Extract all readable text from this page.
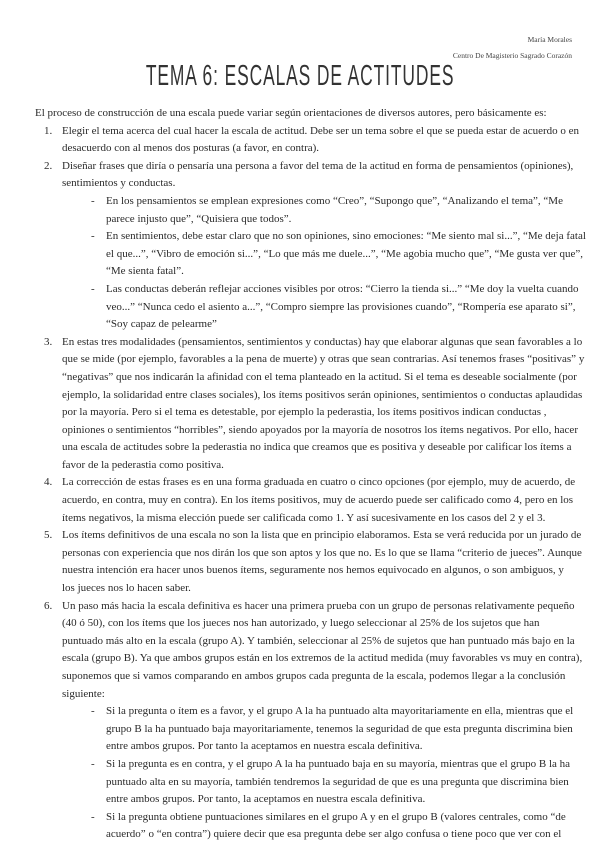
María Morales
Centro De Magisterio Sagrado Corazón
TEMA 6: ESCALAS DE ACTITUDES
El proceso de construcción de una escala puede variar según orientaciones de diversos autores, pero básicamente es:
1. Elegir el tema acerca del cual hacer la escala de actitud. Debe ser un tema sobre el que se pueda estar de acuerdo o en
desacuerdo con al menos dos posturas (a favor, en contra).
2. Diseñar frases que diría o pensaría una persona a favor del tema de la actitud en forma de pensamientos (opiniones),
sentimientos y conductas.
- En los pensamientos se emplean expresiones como “Creo”, “Supongo que”, “Analizando el tema”, “Me
parece injusto que”, “Quisiera que todos”.
- En sentimientos, debe estar claro que no son opiniones, sino emociones: “Me siento mal si...”, “Me deja fatal
el que...”, “Vibro de emoción si...”, “Lo que más me duele...”, “Me agobia mucho que”, “Me gusta ver que”,
“Me sienta fatal”.
- Las conductas deberán reflejar acciones visibles por otros: “Cierro la tienda si...” “Me doy la vuelta cuando
veo...” “Nunca cedo el asiento a...”, “Compro siempre las provisiones cuando”, “Rompería ese aparato si”,
“Soy capaz de pelearme”
3. En estas tres modalidades (pensamientos, sentimientos y conductas) hay que elaborar algunas que sean favorables a lo
que se mide (por ejemplo, favorables a la pena de muerte) y otras que sean contrarias. Así tenemos frases “positivas” y
“negativas” que nos indicarán la afinidad con el tema planteado en la actitud. Si el tema es deseable socialmente (por
ejemplo, la solidaridad entre clases sociales), los ítems positivos serán opiniones, sentimientos o conductas aplaudidas
por la mayoría. Pero si el tema es detestable, por ejemplo la pederastia, los ítems positivos indican conductas ,
opiniones o sentimientos “horribles”, siendo apoyados por la mayoría de nosotros los ítems negativos. Por ello, hacer
una escala de actitudes sobre la pederastia no indica que creamos que es positiva y deseable por calificar los ítems a
favor de la pederastia como positiva.
4. La corrección de estas frases es en una forma graduada en cuatro o cinco opciones (por ejemplo, muy de acuerdo, de
acuerdo, en contra, muy en contra). En los ítems positivos, muy de acuerdo puede ser calificado como 4, pero en los
ítems negativos, la misma elección puede ser calificada como 1. Y así sucesivamente en los casos del 2 y el 3.
5. Los ítems definitivos de una escala no son la lista que en principio elaboramos. Esta se verá reducida por un jurado de
personas con experiencia que nos dirán los que son aptos y los que no. Es lo que se llama “criterio de jueces”. Aunque
nuestra intención era hacer unos buenos ítems, seguramente nos hemos equivocado en algunos, o son ambiguos, y
los jueces nos lo hacen saber.
6. Un paso más hacia la escala definitiva es hacer una primera prueba con un grupo de personas relativamente pequeño
(40 ó 50), con los ítems que los jueces nos han autorizado, y luego seleccionar al 25% de los sujetos que han
puntuado más alto en la escala (grupo A). Y también, seleccionar al 25% de sujetos que han puntuado más bajo en la
escala (grupo B). Ya que ambos grupos están en los extremos de la actitud medida (muy favorables vs muy en contra),
suponemos que si vamos comparando en ambos grupos cada pregunta de la escala, podemos llegar a la conclusión
siguiente:
- Si la pregunta o ítem es a favor, y el grupo A la ha puntuado alta mayoritariamente en ella, mientras que el
grupo B la ha puntuado baja mayoritariamente, tenemos la seguridad de que esta pregunta discrimina bien
entre ambos grupos. Por tanto la aceptamos en nuestra escala definitiva.
- Si la pregunta es en contra, y el grupo A la ha puntuado baja en su mayoría, mientras que el grupo B la ha
puntuado alta en su mayoría, también tendremos la seguridad de que es una pregunta que discrimina bien
entre ambos grupos. Por tanto, la aceptamos en nuestra escala definitiva.
- Si la pregunta obtiene puntuaciones similares en el grupo A y en el grupo B (valores centrales, como “de
acuerdo” o “en contra”) quiere decir que esa pregunta debe ser algo confusa o tiene poco que ver con el
